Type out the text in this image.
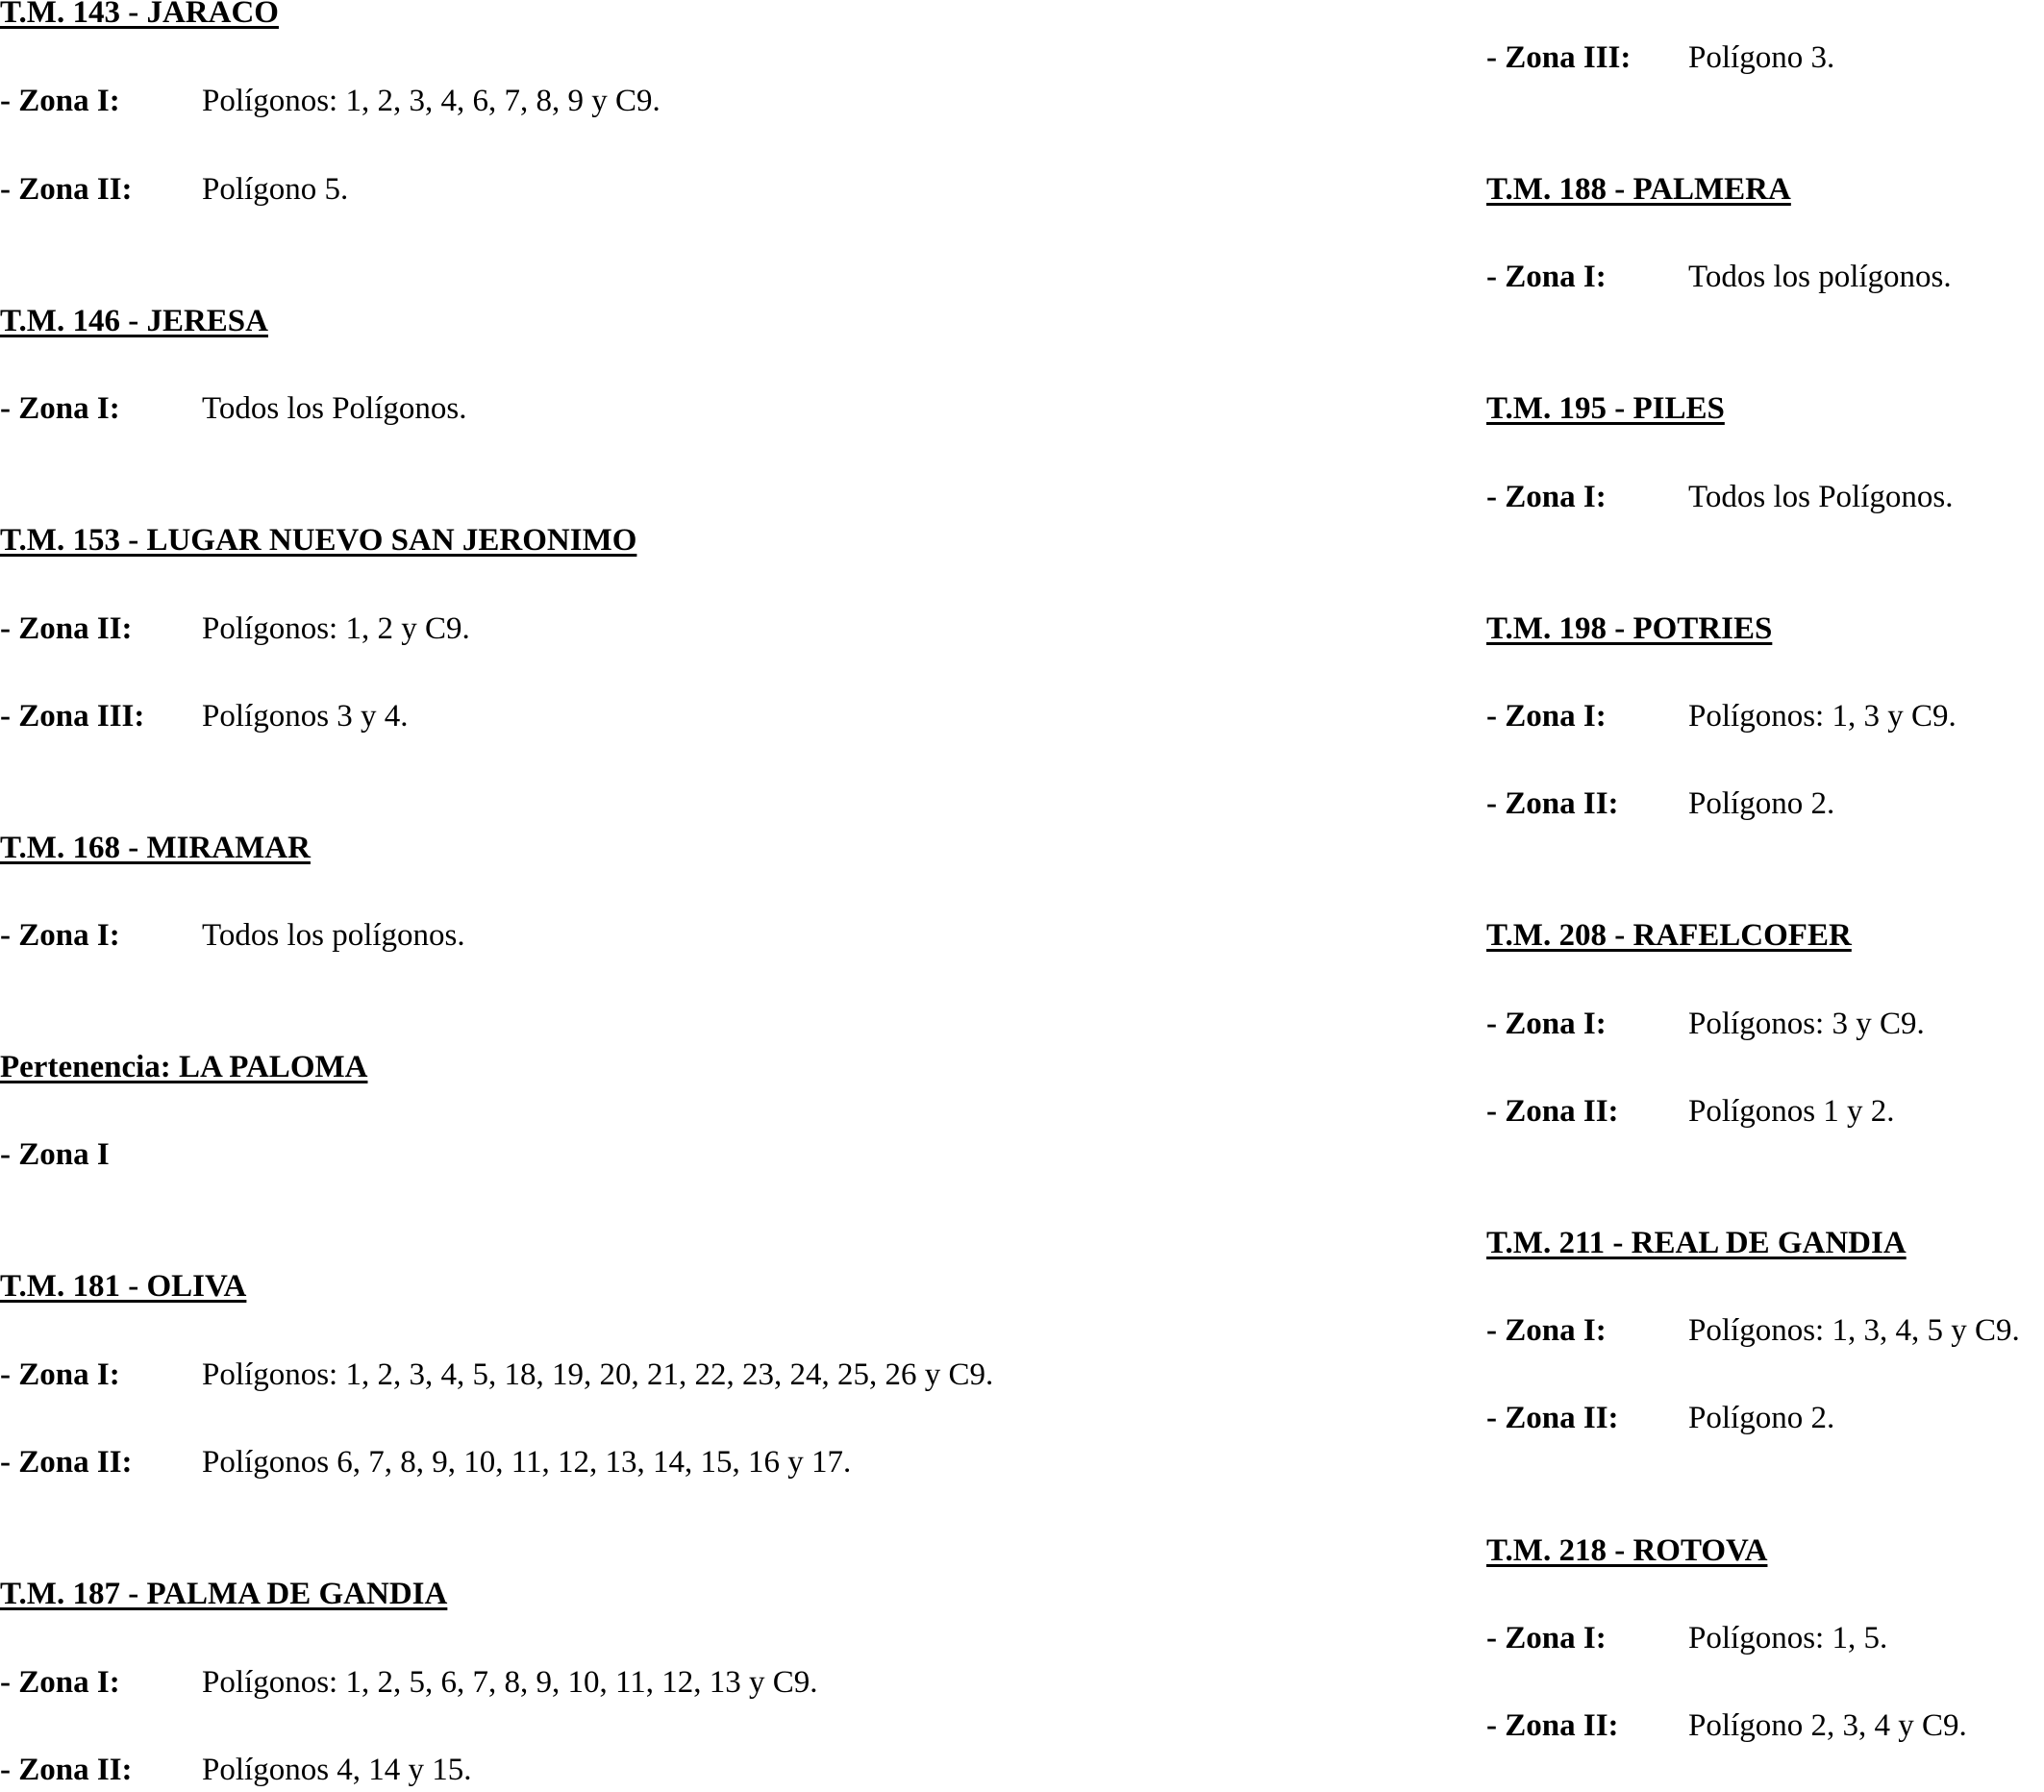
T.M. 143 - JARACO
- Zona I:	Polígonos: 1, 2, 3, 4, 6, 7, 8, 9 y C9.
- Zona II: Polígono 5.
T.M. 146 - JERESA
- Zona I:	Todos los Polígonos.
T.M. 153 - LUGAR NUEVO SAN JERONIMO
- Zona II: Polígonos: 1, 2 y C9.
- Zona III: Polígonos 3 y 4.
T.M. 168 - MIRAMAR
- Zona I:	Todos los polígonos.
Pertenencia: LA PALOMA
- Zona I
T.M. 181 - OLIVA
- Zona I:	Polígonos: 1, 2, 3, 4, 5, 18, 19, 20, 21, 22, 23, 24, 25, 26 y C9.
- Zona II: Polígonos 6, 7, 8, 9, 10, 11, 12, 13, 14, 15, 16 y 17.
T.M. 187 - PALMA DE GANDIA
- Zona I:	Polígonos: 1, 2, 5, 6, 7, 8, 9, 10, 11, 12, 13 y C9.
- Zona II: Polígonos 4, 14 y 15.
- Zona III: Polígono 3.
T.M. 188 - PALMERA
- Zona I:	Todos los polígonos.
T.M. 195 - PILES
- Zona I:	Todos los Polígonos.
T.M. 198 - POTRIES
- Zona I:	Polígonos: 1, 3 y C9.
- Zona II: Polígono 2.
T.M. 208 - RAFELCOFER
- Zona I:	Polígonos: 3 y C9.
- Zona II: Polígonos 1 y 2.
T.M. 211 - REAL DE GANDIA
- Zona I:	Polígonos: 1, 3, 4, 5 y C9.
- Zona II: Polígono 2.
T.M. 218 - ROTOVA
- Zona I:	Polígonos: 1, 5.
- Zona II: Polígono 2, 3, 4 y C9.
